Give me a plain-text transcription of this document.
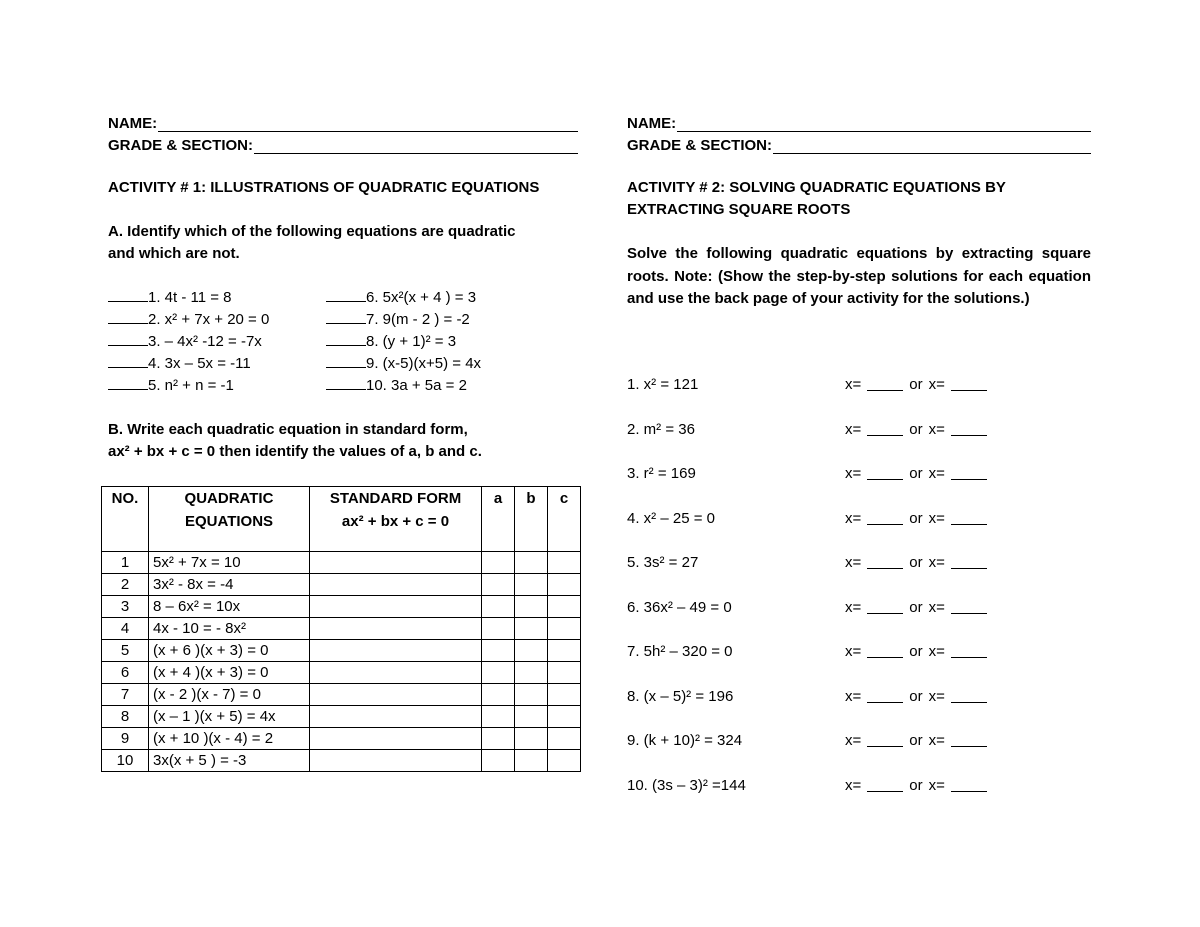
NAME:
GRADE & SECTION:
ACTIVITY # 1: ILLUSTRATIONS OF QUADRATIC EQUATIONS
A. Identify which of the following equations are quadratic
and which are not.
1. 4t - 11 = 8	6. 5x²(x + 4 ) = 3
2. x² + 7x + 20 = 0	7. 9(m - 2 ) = -2
3. – 4x² -12 = -7x	8. (y + 1)² = 3
4. 3x – 5x = -11	9. (x-5)(x+5) = 4x
5. n² + n = -1	10. 3a + 5a = 2
B. Write each quadratic equation in standard form,
ax² + bx + c = 0 then identify the values of a, b and c.
NO.	QUADRATIC
EQUATIONS	STANDARD FORM
ax² + bx + c = 0	a	b	c
1	5x² + 7x = 10				
2	3x² - 8x = -4				
3	8 – 6x² = 10x				
4	4x - 10 = - 8x²				
5	(x + 6 )(x + 3) = 0				
6	(x + 4 )(x + 3) = 0				
7	(x - 2 )(x - 7) = 0				
8	(x – 1 )(x + 5) = 4x				
9	(x + 10 )(x - 4) = 2				
10	3x(x + 5 ) = -3				
NAME:
GRADE & SECTION:
ACTIVITY # 2: SOLVING QUADRATIC EQUATIONS BY
EXTRACTING SQUARE ROOTS
Solve the following quadratic equations by extracting square roots. Note: (Show the step-by-step solutions for each equation and use the back page of your activity for the solutions.)
1. x² = 121	x=	or x=
2. m² = 36	x=	or x=
3. r² = 169	x=	or x=
4. x² – 25 = 0	x=	or x=
5. 3s² = 27	x=	or x=
6. 36x² – 49 = 0	x=	or x=
7. 5h² – 320 = 0	x=	or x=
8. (x – 5)² = 196	x=	or x=
9. (k + 10)² = 324	x=	or x=
10. (3s – 3)² =144	x=	or x=
